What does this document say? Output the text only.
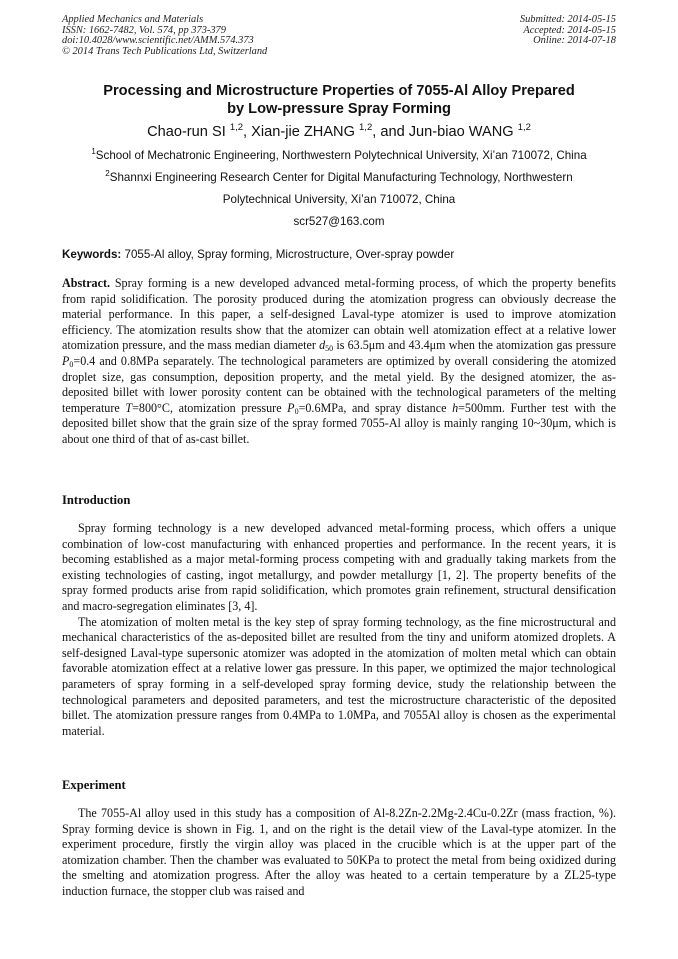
Applied Mechanics and Materials
ISSN: 1662-7482, Vol. 574, pp 373-379
doi:10.4028/www.scientific.net/AMM.574.373
© 2014 Trans Tech Publications Ltd, Switzerland
Submitted: 2014-05-15
Accepted: 2014-05-15
Online: 2014-07-18
Processing and Microstructure Properties of 7055-Al Alloy Prepared
by Low-pressure Spray Forming
Chao-run SI $^{1,2}$, Xian-jie ZHANG $^{1,2}$, and Jun-biao WANG $^{1,2}$
$^1$School of Mechatronic Engineering, Northwestern Polytechnical University, Xi’an 710072, China
$^2$Shannxi Engineering Research Center for Digital Manufacturing Technology, Northwestern
Polytechnical University, Xi’an 710072, China
scr527@163.com
Keywords: 7055-Al alloy, Spray forming, Microstructure, Over-spray powder

Abstract. Spray forming is a new developed advanced metal-forming process, of which the property benefits from rapid solidification. The porosity produced during the atomization progress can obviously decrease the material performance. In this paper, a self-designed Laval-type atomizer is used to improve atomization efficiency. The atomization results show that the atomizer can obtain well atomization effect at a relative lower atomization pressure, and the mass median diameter $d_{50}$ is 63.5μm and 43.4μm when the atomization gas pressure $P_0=0.4$ and 0.8MPa separately. The technological parameters are optimized by overall considering the atomized droplet size, gas consumption, deposition property, and the metal yield. By the designed atomizer, the as-deposited billet with lower porosity content can be obtained with the technological parameters of the melting temperature T=800°C, atomization pressure $P_0=0.6MPa$, and spray distance h=500mm. Further test with the deposited billet show that the grain size of the spray formed 7055-Al alloy is mainly ranging 10~30μm, which is about one third of that of as-cast billet.

Introduction

Spray forming technology is a new developed advanced metal-forming process, which offers a unique combination of low-cost manufacturing with enhanced properties and performance. In the recent years, it is becoming established as a major metal-forming process competing with and gradually taking markets from the existing technologies of casting, ingot metallurgy, and powder metallurgy [1, 2]. The property benefits of the spray formed products arise from rapid solidification, which promotes grain refinement, structural densification and macro-segregation eliminates [3, 4].

The atomization of molten metal is the key step of spray forming technology, as the fine microstructural and mechanical characteristics of the as-deposited billet are resulted from the tiny and uniform atomized droplets. A self-designed Laval-type supersonic atomizer was adopted in the atomization of molten metal which can obtain favorable atomization effect at a relative lower gas pressure. In this paper, we optimized the major technological parameters of spray forming in a self-developed spray forming device, study the relationship between the technological parameters and deposited parameters, and test the microstructure characteristic of the deposited billet. The atomization pressure ranges from 0.4MPa to 1.0MPa, and 7055Al alloy is chosen as the experimental material.

Experiment

The 7055-Al alloy used in this study has a composition of Al-8.2Zn-2.2Mg-2.4Cu-0.2Zr (mass fraction, %). Spray forming device is shown in Fig. 1, and on the right is the detail view of the Laval-type atomizer. In the experiment procedure, firstly the virgin alloy was placed in the crucible which is at the upper part of the atomization chamber. Then the chamber was evaluated to 50KPa to protect the metal from being oxidized during the smelting and atomization progress. After the alloy was heated to a certain temperature by a ZL25-type induction furnace, the stopper club was raised and
